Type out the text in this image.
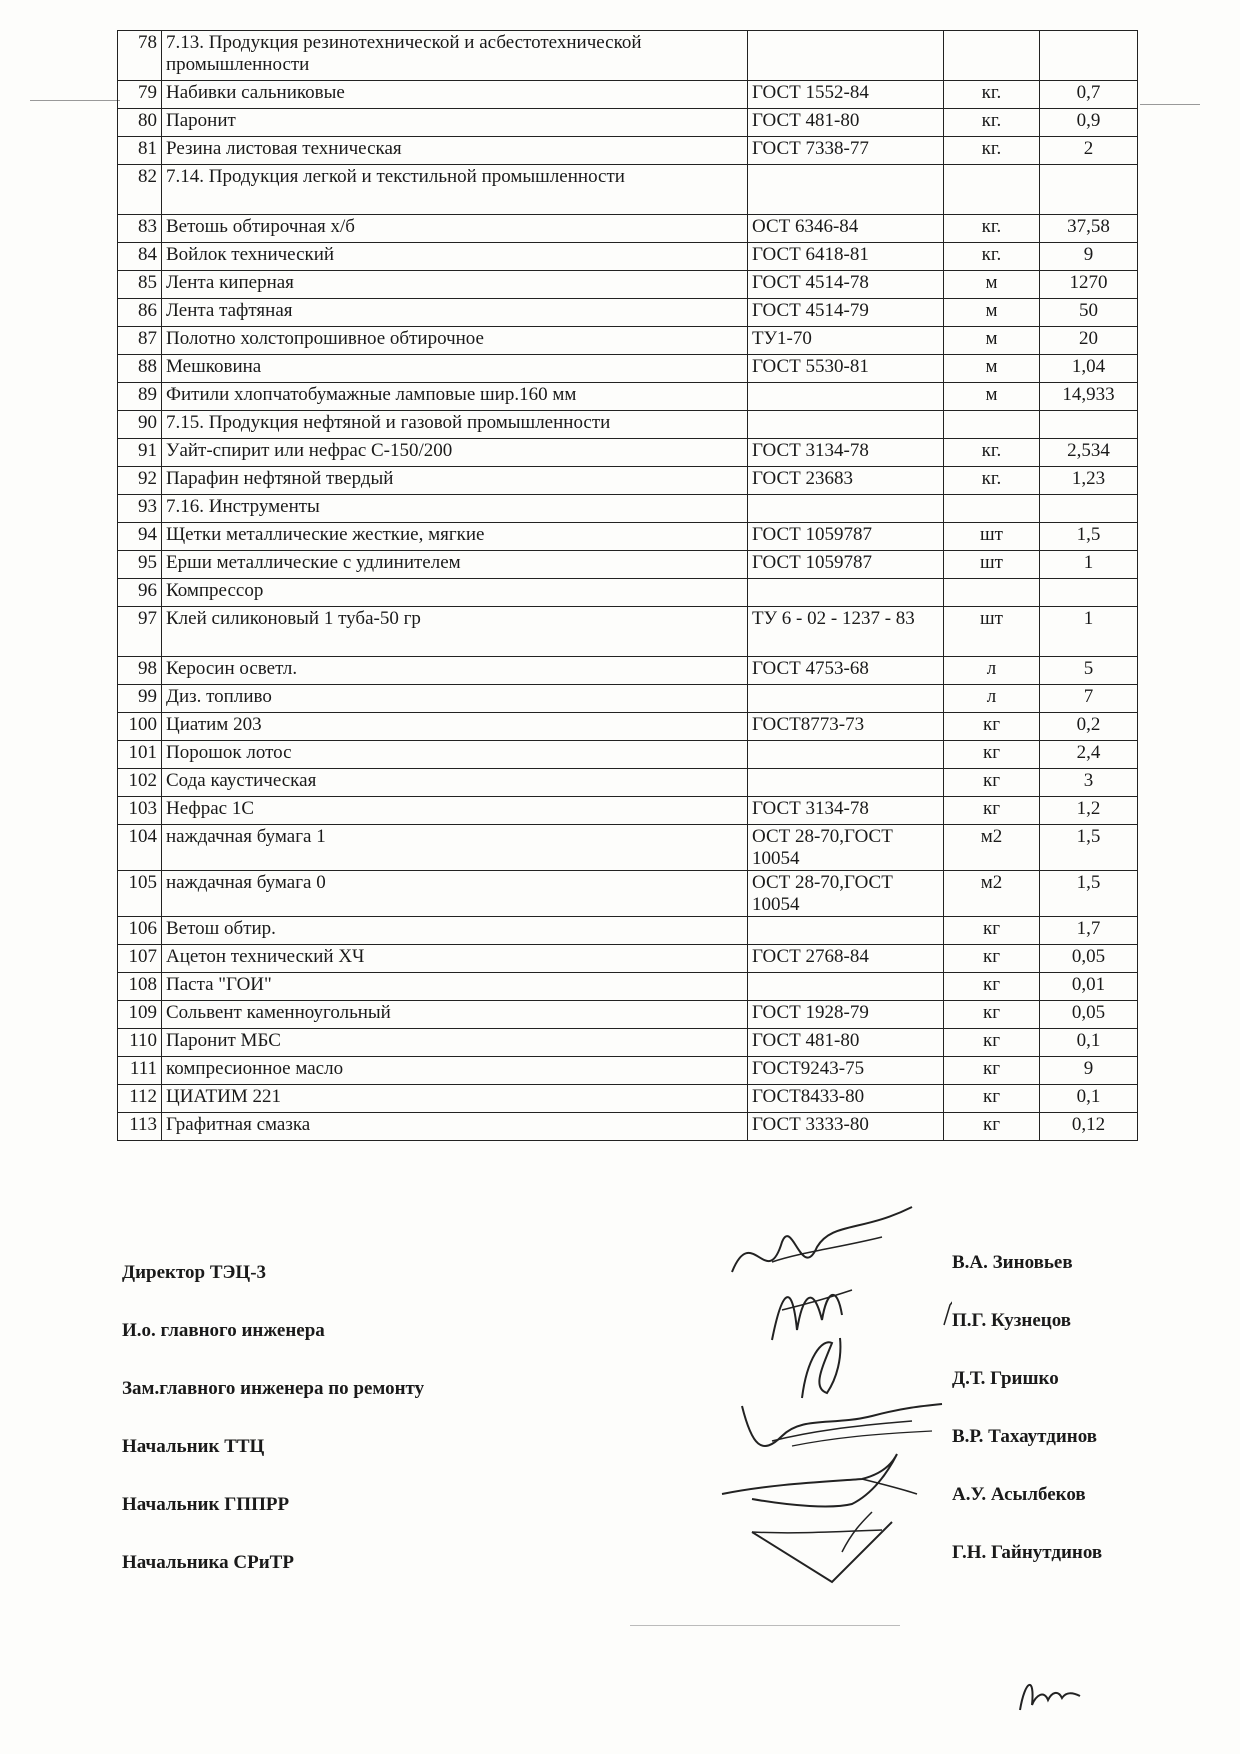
78	7.13. Продукция резинотехнической и асбестотехнической промышленности			
79	Набивки сальниковые	ГОСТ 1552-84	кг.	0,7
80	Паронит	ГОСТ 481-80	кг.	0,9
81	Резина листовая техническая	ГОСТ 7338-77	кг.	2
82	7.14. Продукция легкой и текстильной промышленности			
83	Ветошь обтирочная х/б	ОСТ 6346-84	кг.	37,58
84	Войлок технический	ГОСТ 6418-81	кг.	9
85	Лента киперная	ГОСТ 4514-78	м	1270
86	Лента тафтяная	ГОСТ 4514-79	м	50
87	Полотно холстопрошивное обтирочное	ТУ1-70	м	20
88	Мешковина	ГОСТ 5530-81	м	1,04
89	Фитили хлопчатобумажные ламповые шир.160 мм		м	14,933
90	7.15. Продукция нефтяной и газовой промышленности			
91	Уайт-спирит или нефрас С-150/200	ГОСТ 3134-78	кг.	2,534
92	Парафин нефтяной твердый	ГОСТ 23683	кг.	1,23
93	7.16. Инструменты			
94	Щетки металлические жесткие, мягкие	ГОСТ 1059787	шт	1,5
95	Ерши металлические с удлинителем	ГОСТ 1059787	шт	1
96	Компрессор			
97	Клей силиконовый 1 туба-50 гр	ТУ 6 - 02 - 1237 - 83	шт	1
98	Керосин осветл.	ГОСТ 4753-68	л	5
99	Диз. топливо		л	7
100	Циатим 203	ГОСТ8773-73	кг	0,2
101	Порошок лотос		кг	2,4
102	Сода каустическая		кг	3
103	Нефрас 1С	ГОСТ 3134-78	кг	1,2
104	наждачная бумага 1	ОСТ 28-70,ГОСТ 10054	м2	1,5
105	наждачная бумага 0	ОСТ 28-70,ГОСТ 10054	м2	1,5
106	Ветош обтир.		кг	1,7
107	Ацетон технический ХЧ	ГОСТ 2768-84	кг	0,05
108	Паста "ГОИ"		кг	0,01
109	Сольвент каменноугольный	ГОСТ 1928-79	кг	0,05
110	Паронит МБС	ГОСТ 481-80	кг	0,1
111	компресионное масло	ГОСТ9243-75	кг	9
112	ЦИАТИМ 221	ГОСТ8433-80	кг	0,1
113	Графитная смазка	ГОСТ 3333-80	кг	0,12
Директор ТЭЦ-3	В.А. Зиновьев
И.о. главного инженера	П.Г. Кузнецов
Зам.главного инженера по ремонту	Д.Т. Гришко
Начальник ТТЦ	В.Р. Тахаутдинов
Начальник ГППРР	А.У. Асылбеков
Начальника СРиТР	Г.Н. Гайнутдинов
